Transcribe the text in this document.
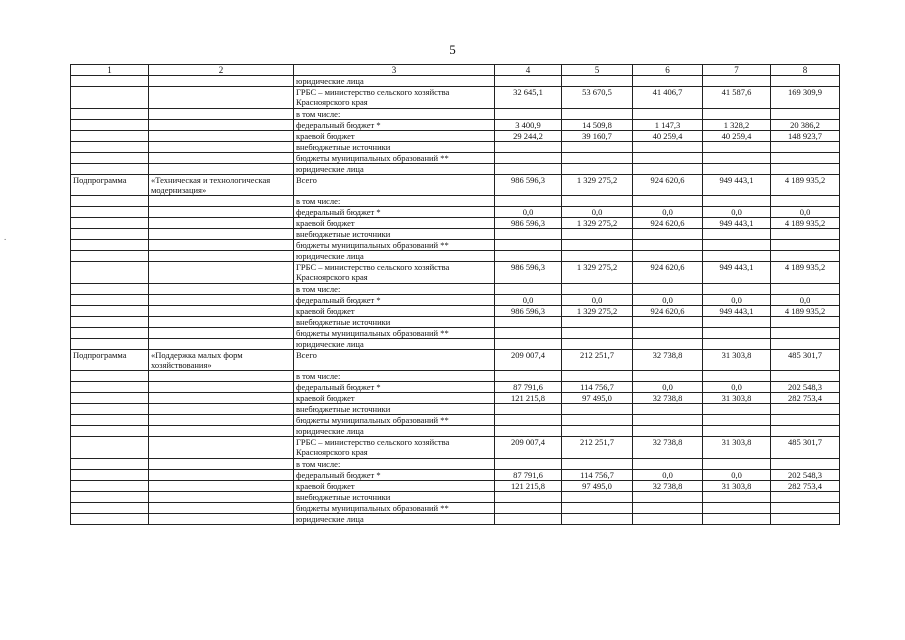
5
.
1	2	3	4	5	6	7	8
		юридические лица					
		ГРБС – министерство сельского хозяйства Красноярского края	32 645,1	53 670,5	41 406,7	41 587,6	169 309,9
		в том числе:					
		федеральный бюджет *	3 400,9	14 509,8	1 147,3	1 328,2	20 386,2
		краевой бюджет	29 244,2	39 160,7	40 259,4	40 259,4	148 923,7
		внебюджетные источники					
		бюджеты муниципальных образований **					
		юридические лица					
Подпрограмма	«Техническая и технологическая модернизация»	Всего	986 596,3	1 329 275,2	924 620,6	949 443,1	4 189 935,2
		в том числе:					
		федеральный бюджет *	0,0	0,0	0,0	0,0	0,0
		краевой бюджет	986 596,3	1 329 275,2	924 620,6	949 443,1	4 189 935,2
		внебюджетные источники					
		бюджеты муниципальных образований **					
		юридические лица					
		ГРБС – министерство сельского хозяйства Красноярского края	986 596,3	1 329 275,2	924 620,6	949 443,1	4 189 935,2
		в том числе:					
		федеральный бюджет *	0,0	0,0	0,0	0,0	0,0
		краевой бюджет	986 596,3	1 329 275,2	924 620,6	949 443,1	4 189 935,2
		внебюджетные источники					
		бюджеты муниципальных образований **					
		юридические лица					
Подпрограмма	«Поддержка малых форм хозяйствования»	Всего	209 007,4	212 251,7	32 738,8	31 303,8	485 301,7
		в том числе:					
		федеральный бюджет *	87 791,6	114 756,7	0,0	0,0	202 548,3
		краевой бюджет	121 215,8	97 495,0	32 738,8	31 303,8	282 753,4
		внебюджетные источники					
		бюджеты муниципальных образований **					
		юридические лица					
		ГРБС – министерство сельского хозяйства Красноярского края	209 007,4	212 251,7	32 738,8	31 303,8	485 301,7
		в том числе:					
		федеральный бюджет *	87 791,6	114 756,7	0,0	0,0	202 548,3
		краевой бюджет	121 215,8	97 495,0	32 738,8	31 303,8	282 753,4
		внебюджетные источники					
		бюджеты муниципальных образований **					
		юридические лица					
